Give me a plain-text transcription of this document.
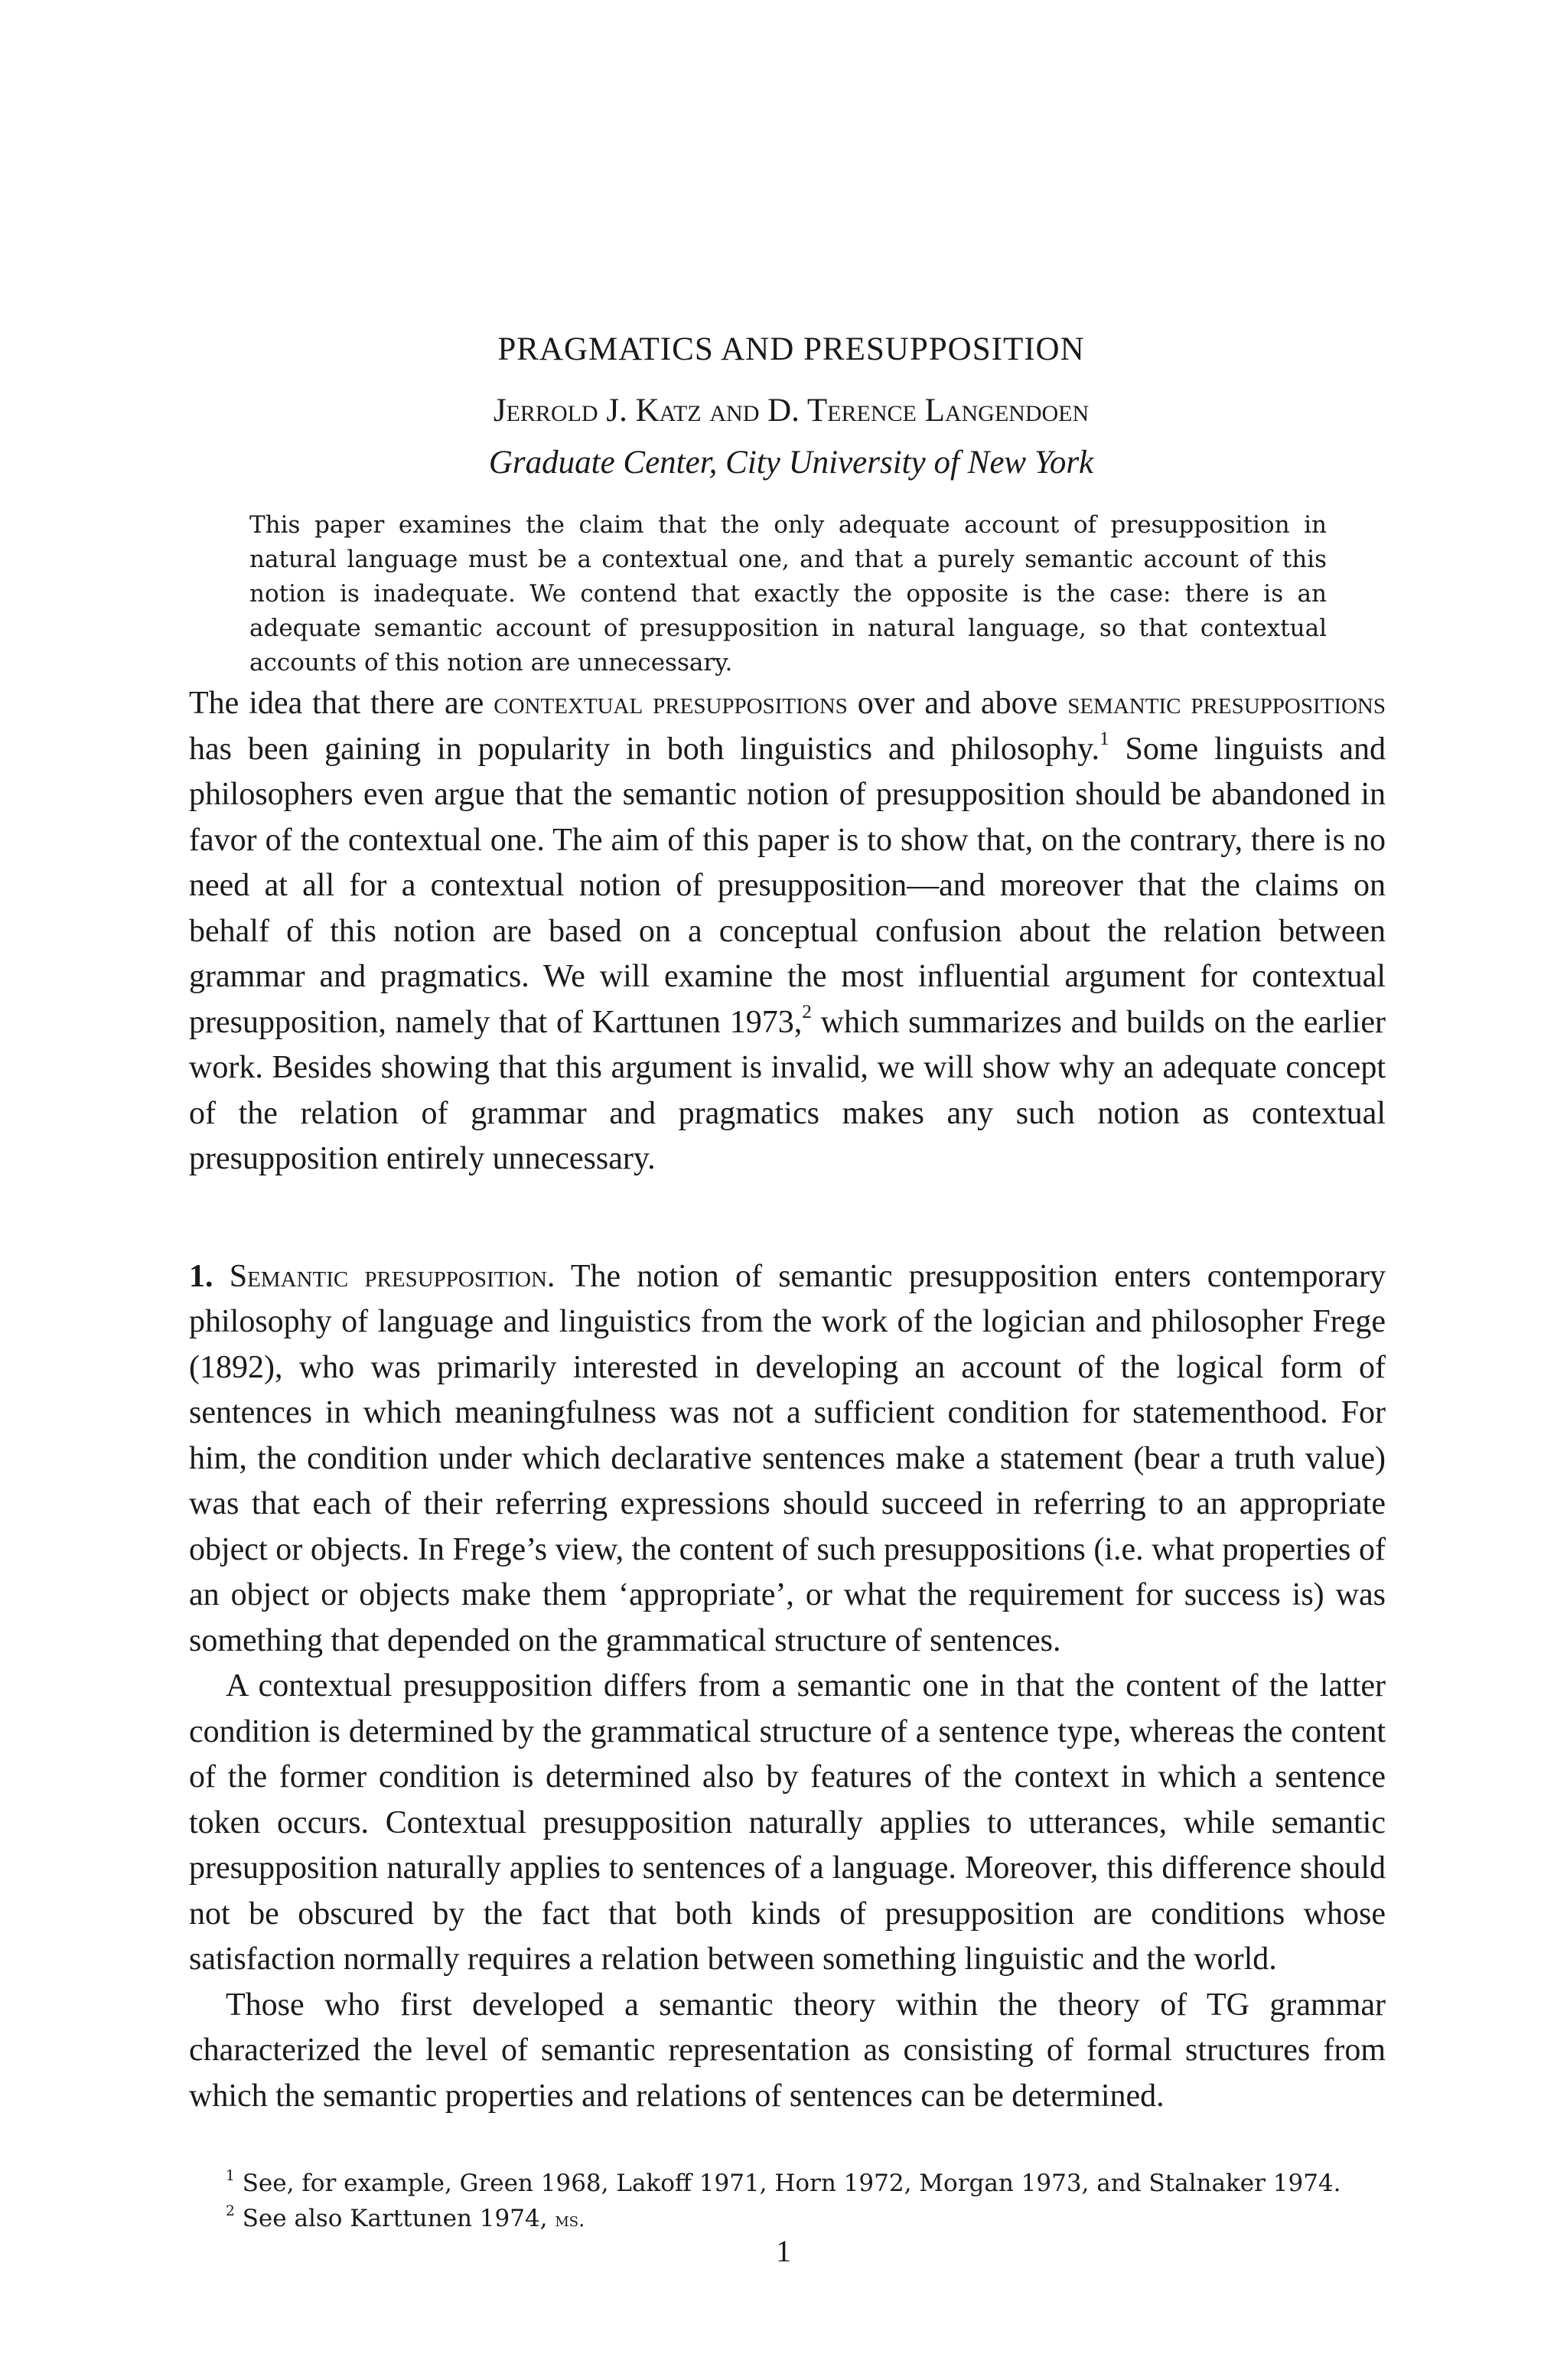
PRAGMATICS AND PRESUPPOSITION
Jerrold J. Katz and D. Terence Langendoen
Graduate Center, City University of New York

This paper examines the claim that the only adequate account of presupposition in natural language must be a contextual one, and that a purely semantic account of this notion is inadequate. We contend that exactly the opposite is the case: there is an adequate semantic account of presupposition in natural language, so that contextual accounts of this notion are unnecessary.

The idea that there are contextual presuppositions over and above semantic presuppositions has been gaining in popularity in both linguistics and philosophy.$^1$ Some linguists and philosophers even argue that the semantic notion of presupposition should be abandoned in favor of the contextual one. The aim of this paper is to show that, on the contrary, there is no need at all for a contextual notion of presupposition—and moreover that the claims on behalf of this notion are based on a conceptual confusion about the relation between grammar and pragmatics. We will examine the most influential argument for contextual presupposition, namely that of Karttunen 1973,$^2$ which summarizes and builds on the earlier work. Besides showing that this argument is invalid, we will show why an adequate concept of the relation of grammar and pragmatics makes any such notion as contextual presupposition entirely unnecessary.

1. Semantic presupposition. The notion of semantic presupposition enters contemporary philosophy of language and linguistics from the work of the logician and philosopher Frege (1892), who was primarily interested in developing an account of the logical form of sentences in which meaningfulness was not a sufficient condition for statementhood. For him, the condition under which declarative sentences make a statement (bear a truth value) was that each of their referring expressions should succeed in referring to an appropriate object or objects. In Frege’s view, the content of such presuppositions (i.e. what properties of an object or objects make them ‘appropriate’, or what the requirement for success is) was something that depended on the grammatical structure of sentences.

A contextual presupposition differs from a semantic one in that the content of the latter condition is determined by the grammatical structure of a sentence type, whereas the content of the former condition is determined also by features of the context in which a sentence token occurs. Contextual presupposition naturally applies to utterances, while semantic presupposition naturally applies to sentences of a language. Moreover, this difference should not be obscured by the fact that both kinds of presupposition are conditions whose satisfaction normally requires a relation between something linguistic and the world.

Those who first developed a semantic theory within the theory of TG grammar characterized the level of semantic representation as consisting of formal structures from which the semantic properties and relations of sentences can be determined.

$^1$ See, for example, Green 1968, Lakoff 1971, Horn 1972, Morgan 1973, and Stalnaker 1974.

$^2$ See also Karttunen 1974, ms.

1
